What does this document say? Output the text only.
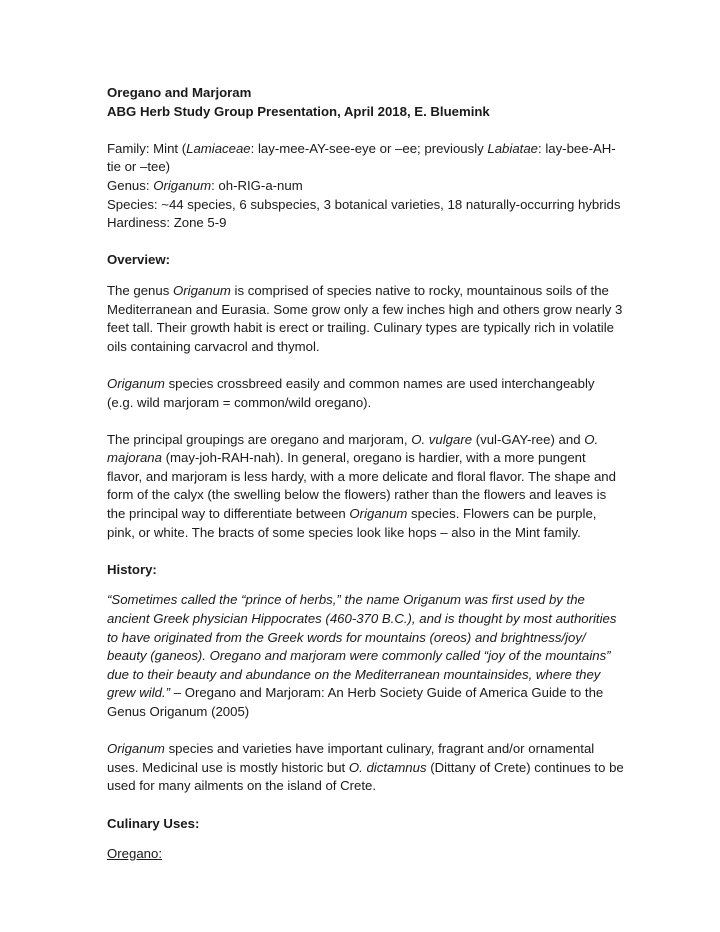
Oregano and Marjoram

ABG Herb Study Group Presentation, April 2018, E. Bluemink

Family: Mint (Lamiaceae: lay-mee-AY-see-eye or –ee; previously Labiatae: lay-bee-AH-tie or –tee)

Genus: Origanum: oh-RIG-a-num

Species: ~44 species, 6 subspecies, 3 botanical varieties, 18 naturally-occurring hybrids

Hardiness: Zone 5-9

Overview:

The genus Origanum is comprised of species native to rocky, mountainous soils of the Mediterranean and Eurasia. Some grow only a few inches high and others grow nearly 3 feet tall. Their growth habit is erect or trailing. Culinary types are typically rich in volatile oils containing carvacrol and thymol.

Origanum species crossbreed easily and common names are used interchangeably (e.g. wild marjoram = common/wild oregano).

The principal groupings are oregano and marjoram, O. vulgare (vul-GAY-ree) and O. majorana (may-joh-RAH-nah). In general, oregano is hardier, with a more pungent flavor, and marjoram is less hardy, with a more delicate and floral flavor. The shape and form of the calyx (the swelling below the flowers) rather than the flowers and leaves is the principal way to differentiate between Origanum species. Flowers can be purple, pink, or white. The bracts of some species look like hops – also in the Mint family.

History:

“Sometimes called the “prince of herbs,” the name Origanum was first used by the ancient Greek physician Hippocrates (460-370 B.C.), and is thought by most authorities to have originated from the Greek words for mountains (oreos) and brightness/joy/ beauty (ganeos). Oregano and marjoram were commonly called “joy of the mountains” due to their beauty and abundance on the Mediterranean mountainsides, where they grew wild.” – Oregano and Marjoram: An Herb Society Guide of America Guide to the Genus Origanum (2005)

Origanum species and varieties have important culinary, fragrant and/or ornamental uses. Medicinal use is mostly historic but O. dictamnus (Dittany of Crete) continues to be used for many ailments on the island of Crete.

Culinary Uses:

Oregano:
